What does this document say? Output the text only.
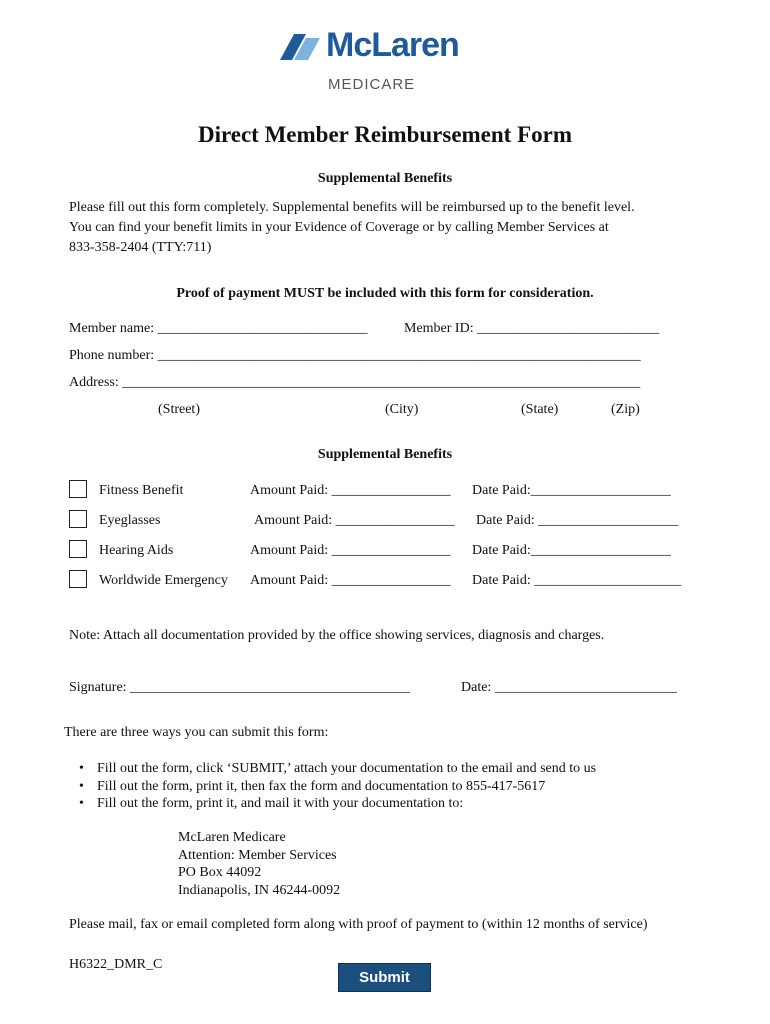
McLaren
MEDICARE
Direct Member Reimbursement Form
Supplemental Benefits
Please fill out this form completely. Supplemental benefits will be reimbursed up to the benefit level.
You can find your benefit limits in your Evidence of Coverage or by calling Member Services at
833-358-2404 (TTY:711)
Proof of payment MUST be included with this form for consideration.
Member name: ______________________________	Member ID: __________________________
Phone number: _____________________________________________________________________
Address: __________________________________________________________________________
(Street)	(City)	(State)	(Zip)
Supplemental Benefits
Fitness Benefit	Amount Paid: _________________ Date Paid:____________________
Eyeglasses	Amount Paid: _________________ Date Paid: ____________________
Hearing Aids	Amount Paid: _________________ Date Paid:____________________
Worldwide Emergency Amount Paid: _________________ Date Paid: _____________________
Note: Attach all documentation provided by the office showing services, diagnosis and charges.
Signature: ________________________________________	Date: __________________________
There are three ways you can submit this form:
• Fill out the form, click ‘SUBMIT,’ attach your documentation to the email and send to us
• Fill out the form, print it, then fax the form and documentation to 855-417-5617
• Fill out the form, print it, and mail it with your documentation to:
McLaren Medicare
Attention: Member Services
PO Box 44092
Indianapolis, IN 46244-0092
Please mail, fax or email completed form along with proof of payment to (within 12 months of service)
H6322_DMR_C
Submit
